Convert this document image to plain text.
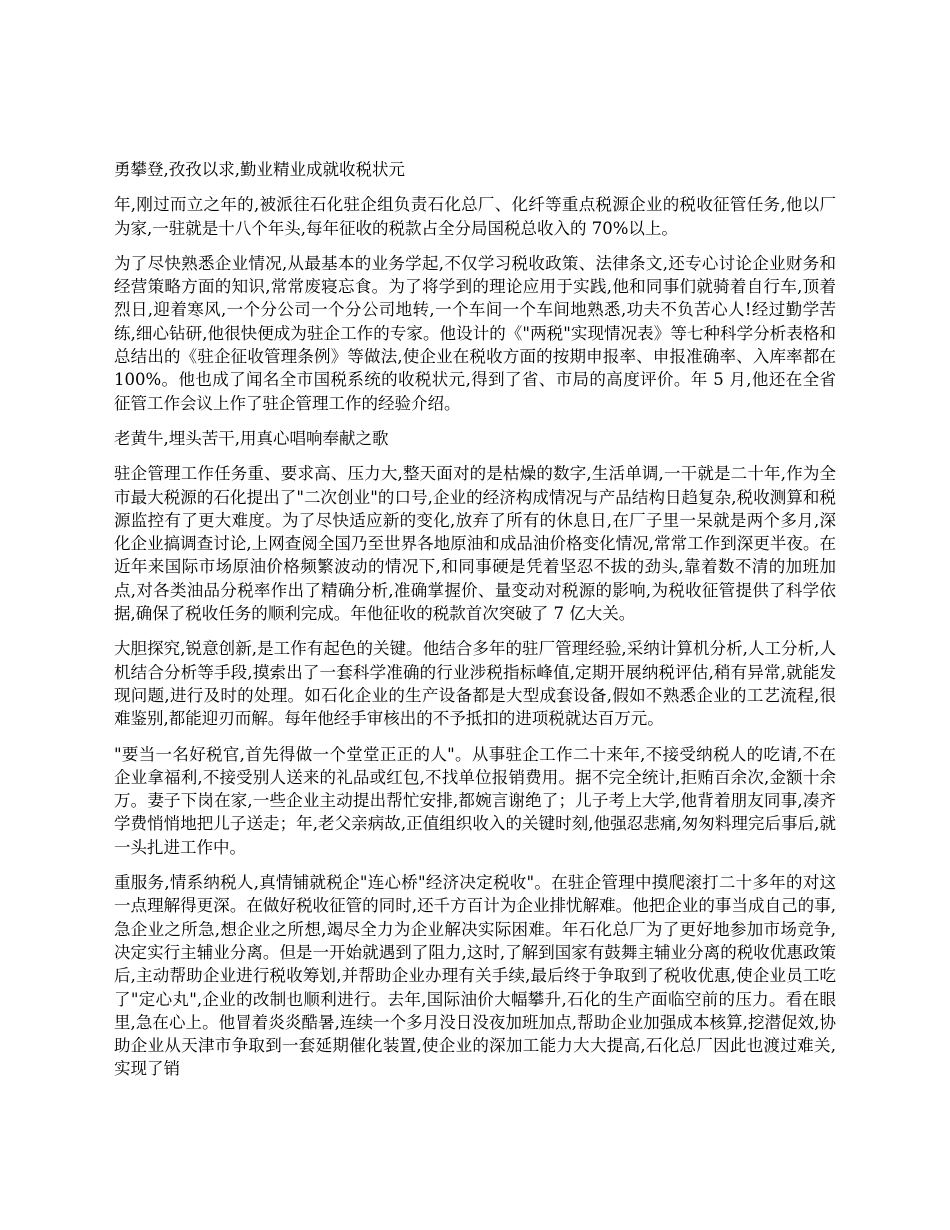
勇攀登,孜孜以求,勤业精业成就收税状元
年,刚过而立之年的,被派往石化驻企组负责石化总厂、化纤等重点税源企业的税收征管任务,他以厂为家,一驻就是十八个年头,每年征收的税款占全分局国税总收入的 70%以上。
为了尽快熟悉企业情况,从最基本的业务学起,不仅学习税收政策、法律条文,还专心讨论企业财务和经营策略方面的知识,常常废寝忘食。为了将学到的理论应用于实践,他和同事们就骑着自行车,顶着烈日,迎着寒风,一个分公司一个分公司地转,一个车间一个车间地熟悉,功夫不负苦心人!经过勤学苦练,细心钻研,他很快便成为驻企工作的专家。他设计的《"两税"实现情况表》等七种科学分析表格和总结出的《驻企征收管理条例》等做法,使企业在税收方面的按期申报率、申报准确率、入库率都在 100%。他也成了闻名全市国税系统的收税状元,得到了省、市局的高度评价。年 5 月,他还在全省征管工作会议上作了驻企管理工作的经验介绍。
老黄牛,埋头苦干,用真心唱响奉献之歌
驻企管理工作任务重、要求高、压力大,整天面对的是枯燥的数字,生活单调,一干就是二十年,作为全市最大税源的石化提出了"二次创业"的口号,企业的经济构成情况与产品结构日趋复杂,税收测算和税源监控有了更大难度。为了尽快适应新的变化,放弃了所有的休息日,在厂子里一呆就是两个多月,深化企业搞调查讨论,上网查阅全国乃至世界各地原油和成品油价格变化情况,常常工作到深更半夜。在近年来国际市场原油价格频繁波动的情况下,和同事硬是凭着坚忍不拔的劲头,靠着数不清的加班加点,对各类油品分税率作出了精确分析,准确掌握价、量变动对税源的影响,为税收征管提供了科学依据,确保了税收任务的顺利完成。年他征收的税款首次突破了 7 亿大关。
大胆探究,锐意创新,是工作有起色的关键。他结合多年的驻厂管理经验,采纳计算机分析,人工分析,人机结合分析等手段,摸索出了一套科学准确的行业涉税指标峰值,定期开展纳税评估,稍有异常,就能发现问题,进行及时的处理。如石化企业的生产设备都是大型成套设备,假如不熟悉企业的工艺流程,很难鉴别,都能迎刃而解。每年他经手审核出的不予抵扣的进项税就达百万元。
"要当一名好税官,首先得做一个堂堂正正的人"。从事驻企工作二十来年,不接受纳税人的吃请,不在企业拿福利,不接受别人送来的礼品或红包,不找单位报销费用。据不完全统计,拒贿百余次,金额十余万。妻子下岗在家,一些企业主动提出帮忙安排,都婉言谢绝了；儿子考上大学,他背着朋友同事,凑齐学费悄悄地把儿子送走；年,老父亲病故,正值组织收入的关键时刻,他强忍悲痛,匆匆料理完后事后,就一头扎进工作中。
重服务,情系纳税人,真情铺就税企"连心桥"经济决定税收"。在驻企管理中摸爬滚打二十多年的对这一点理解得更深。在做好税收征管的同时,还千方百计为企业排忧解难。他把企业的事当成自己的事,急企业之所急,想企业之所想,竭尽全力为企业解决实际困难。年石化总厂为了更好地参加市场竞争,决定实行主辅业分离。但是一开始就遇到了阻力,这时,了解到国家有鼓舞主辅业分离的税收优惠政策后,主动帮助企业进行税收筹划,并帮助企业办理有关手续,最后终于争取到了税收优惠,使企业员工吃了"定心丸",企业的改制也顺利进行。去年,国际油价大幅攀升,石化的生产面临空前的压力。看在眼里,急在心上。他冒着炎炎酷暑,连续一个多月没日没夜加班加点,帮助企业加强成本核算,挖潜促效,协助企业从天津市争取到一套延期催化装置,使企业的深加工能力大大提高,石化总厂因此也渡过难关,实现了销
